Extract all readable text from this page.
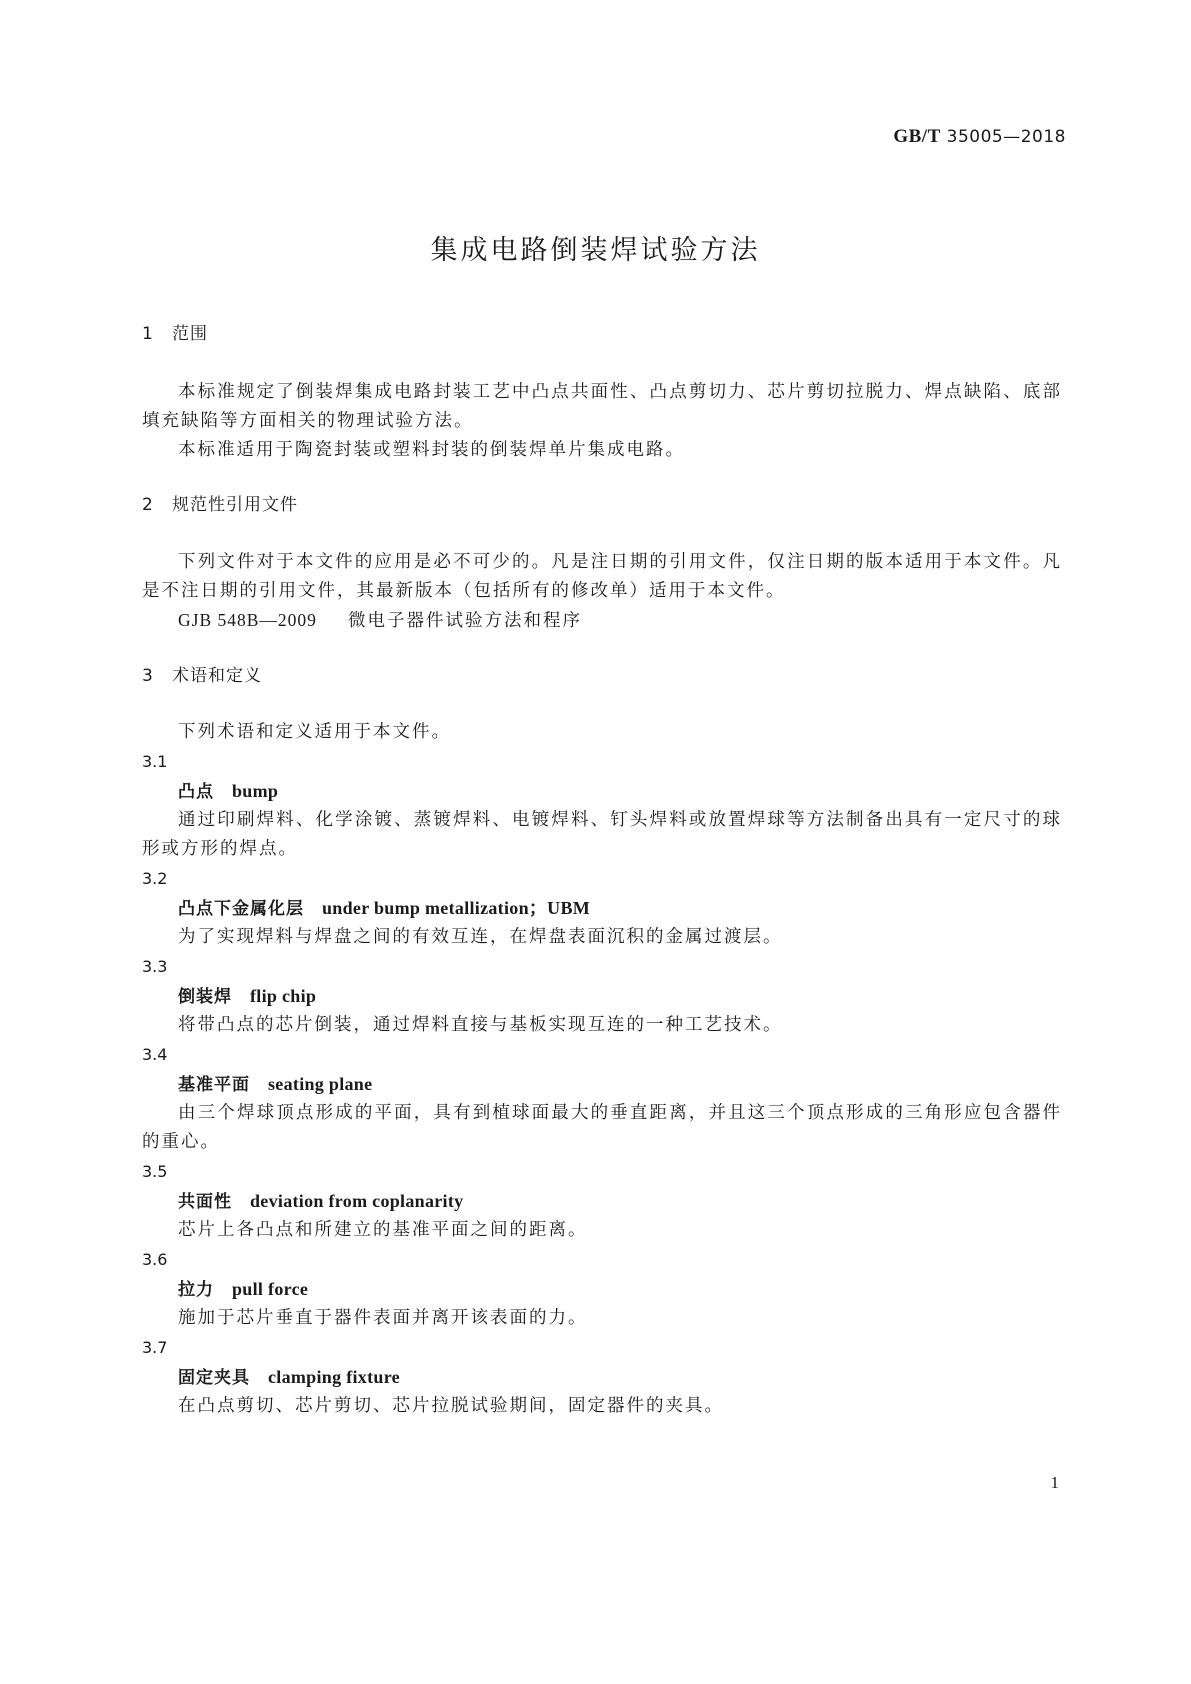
GB/T 35005—2018
集成电路倒装焊试验方法
1 范围

本标准规定了倒装焊集成电路封装工艺中凸点共面性、凸点剪切力、芯片剪切拉脱力、焊点缺陷、底部填充缺陷等方面相关的物理试验方法。

本标准适用于陶瓷封装或塑料封装的倒装焊单片集成电路。

2 规范性引用文件

下列文件对于本文件的应用是必不可少的。凡是注日期的引用文件，仅注日期的版本适用于本文件。凡是不注日期的引用文件，其最新版本（包括所有的修改单）适用于本文件。

GJB 548B—2009 微电子器件试验方法和程序
3 术语和定义

下列术语和定义适用于本文件。

3.1
凸点 bump

通过印刷焊料、化学涂镀、蒸镀焊料、电镀焊料、钉头焊料或放置焊球等方法制备出具有一定尺寸的球形或方形的焊点。

3.2
凸点下金属化层 under bump metallization；UBM

为了实现焊料与焊盘之间的有效互连，在焊盘表面沉积的金属过渡层。

3.3
倒装焊 flip chip

将带凸点的芯片倒装，通过焊料直接与基板实现互连的一种工艺技术。

3.4
基准平面 seating plane

由三个焊球顶点形成的平面，具有到植球面最大的垂直距离，并且这三个顶点形成的三角形应包含器件的重心。

3.5
共面性 deviation from coplanarity

芯片上各凸点和所建立的基准平面之间的距离。

3.6
拉力 pull force

施加于芯片垂直于器件表面并离开该表面的力。

3.7
固定夹具 clamping fixture

在凸点剪切、芯片剪切、芯片拉脱试验期间，固定器件的夹具。

1
